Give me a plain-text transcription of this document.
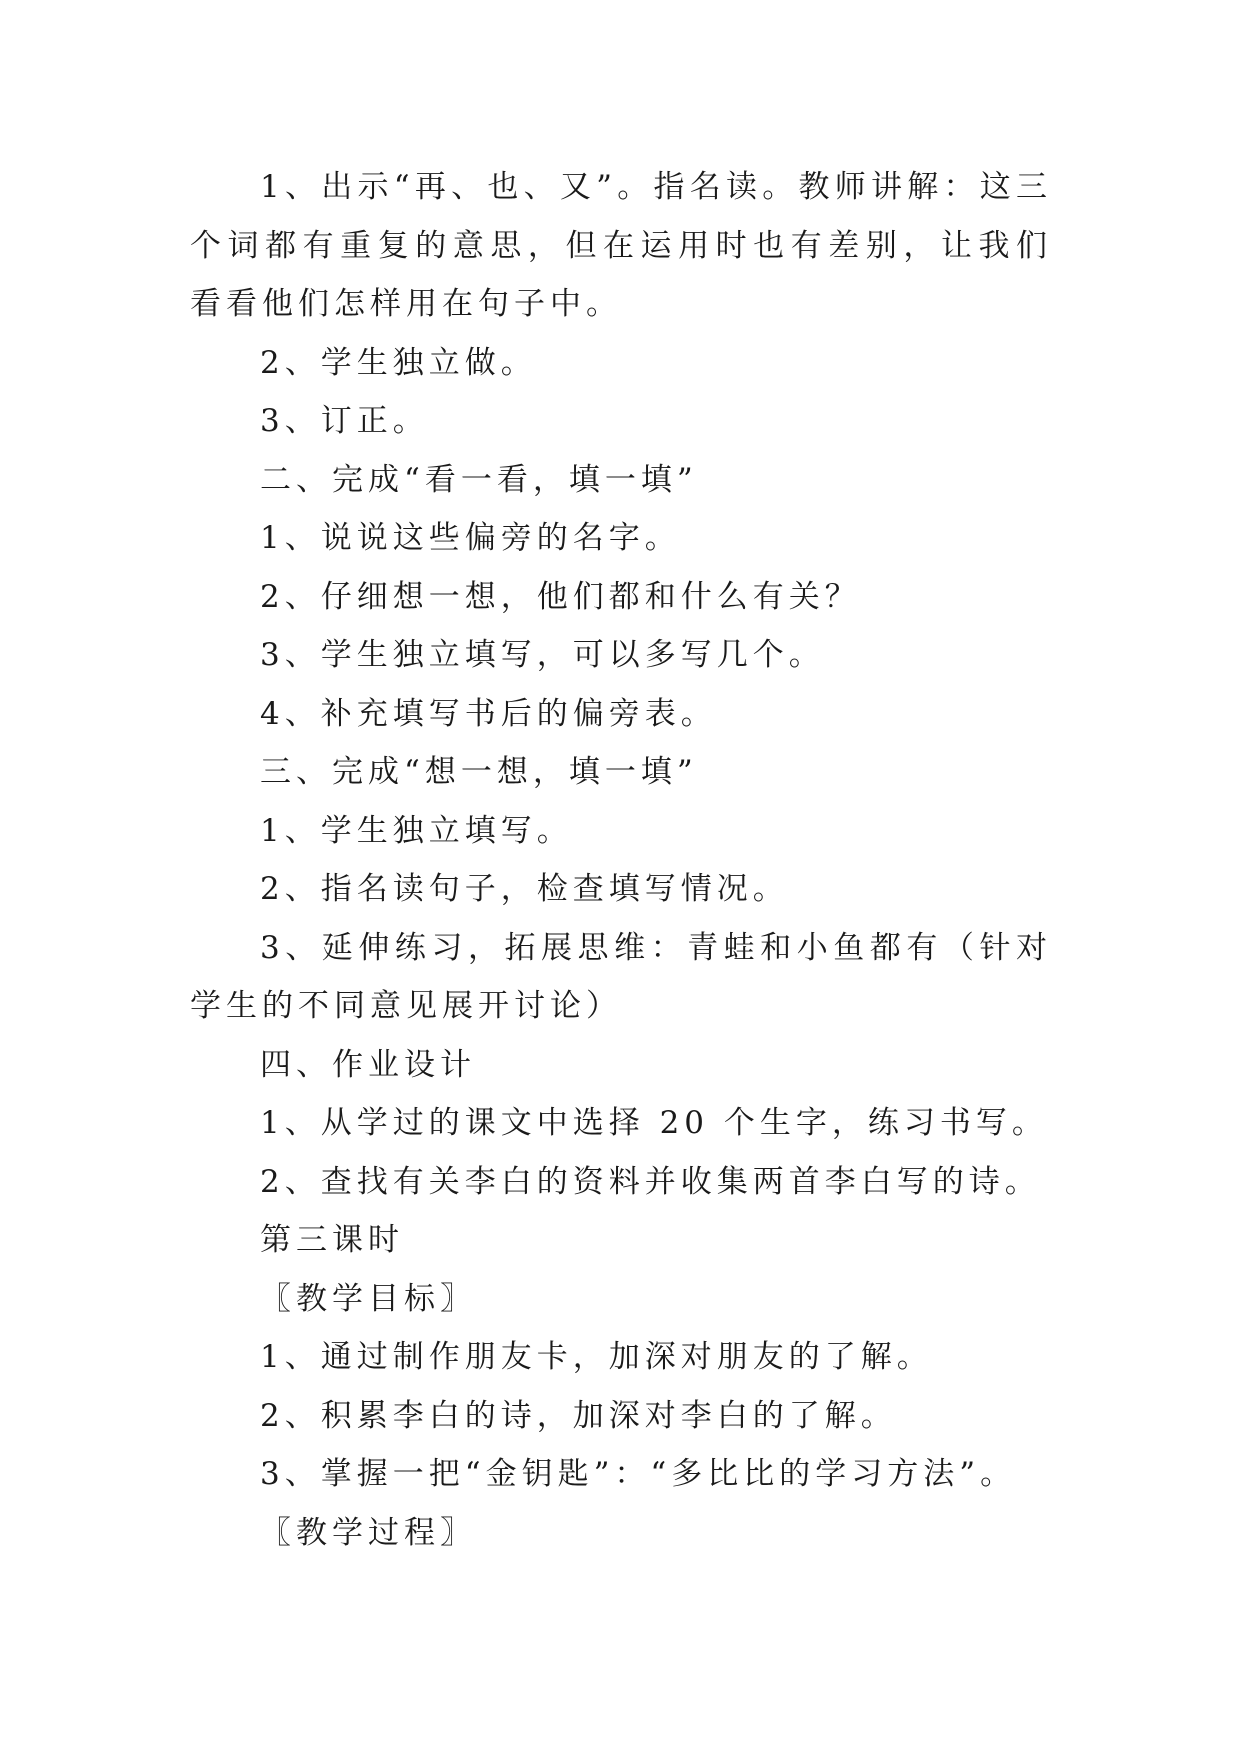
1、出示“再、也、又”。指名读。教师讲解：这三个词都有重复的意思，但在运用时也有差别，让我们看看他们怎样用在句子中。

2、学生独立做。

3、订正。

二、完成“看一看，填一填”

1、说说这些偏旁的名字。

2、仔细想一想，他们都和什么有关？

3、学生独立填写，可以多写几个。

4、补充填写书后的偏旁表。

三、完成“想一想，填一填”

1、学生独立填写。

2、指名读句子，检查填写情况。

3、延伸练习，拓展思维：青蛙和小鱼都有（针对学生的不同意见展开讨论）

四、作业设计

1、从学过的课文中选择 20 个生字，练习书写。

2、查找有关李白的资料并收集两首李白写的诗。

第三课时

〖教学目标〗

1、通过制作朋友卡，加深对朋友的了解。

2、积累李白的诗，加深对李白的了解。

3、掌握一把“金钥匙”：“多比比的学习方法”。

〖教学过程〗
